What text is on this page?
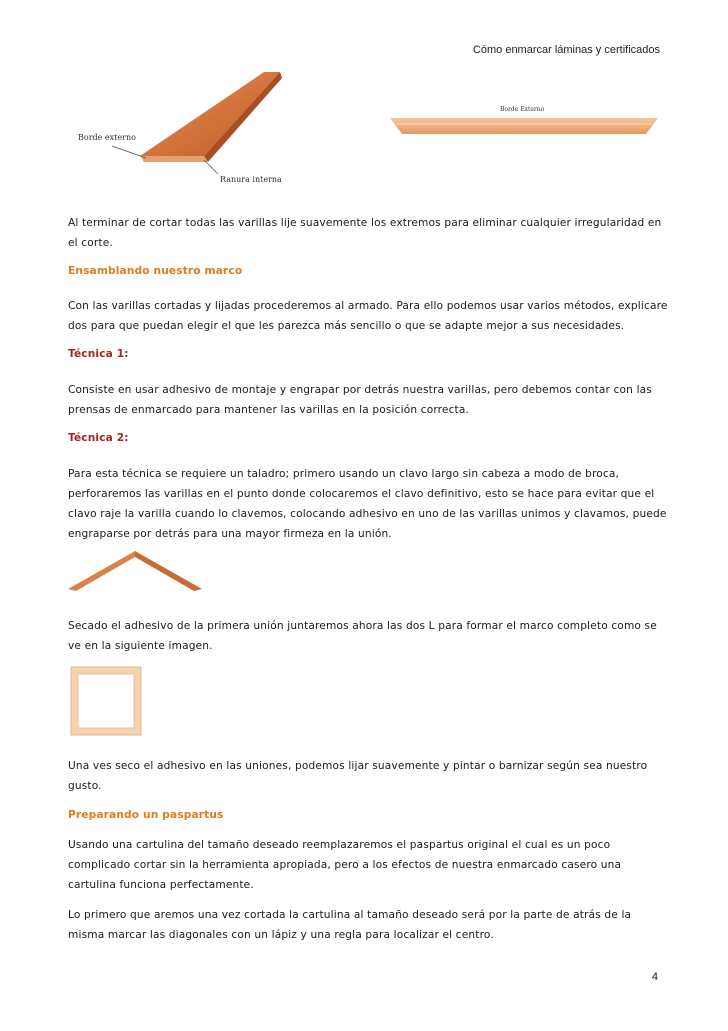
Cómo enmarcar láminas y certificados
Borde externo
Ranura interna
Borde Externo

Al terminar de cortar todas las varillas lije suavemente los extremos para eliminar cualquier irregularidad en el corte.

Ensamblando nuestro marco

Con las varillas cortadas y lijadas procederemos al armado. Para ello podemos usar varios métodos, explicare dos para que puedan elegir el que les parezca más sencillo o que se adapte mejor a sus necesidades.

Técnica 1:

Consiste en usar adhesivo de montaje y engrapar por detrás nuestra varillas, pero debemos contar con las prensas de enmarcado para mantener las varillas en la posición correcta.

Técnica 2:

Para esta técnica se requiere un taladro; primero usando un clavo largo sin cabeza a modo de broca, perforaremos las varillas en el punto donde colocaremos el clavo definitivo, esto se hace para evitar que el clavo raje la varilla cuando lo clavemos, colocando adhesivo en uno de las varillas unimos y clavamos, puede engraparse por detrás para una mayor firmeza en la unión.

Secado el adhesivo de la primera unión juntaremos ahora las dos L para formar el marco completo como se ve en la siguiente imagen.

Una ves seco el adhesivo en las uniones, podemos lijar suavemente y pintar o barnizar según sea nuestro gusto.

Preparando un paspartus

Usando una cartulina del tamaño deseado reemplazaremos el paspartus original el cual es un poco complicado cortar sin la herramienta apropiada, pero a los efectos de nuestra enmarcado casero una cartulina funciona perfectamente.

Lo primero que aremos una vez cortada la cartulina al tamaño deseado será por la parte de atrás de la misma marcar las diagonales con un lápiz y una regla para localizar el centro.

4
